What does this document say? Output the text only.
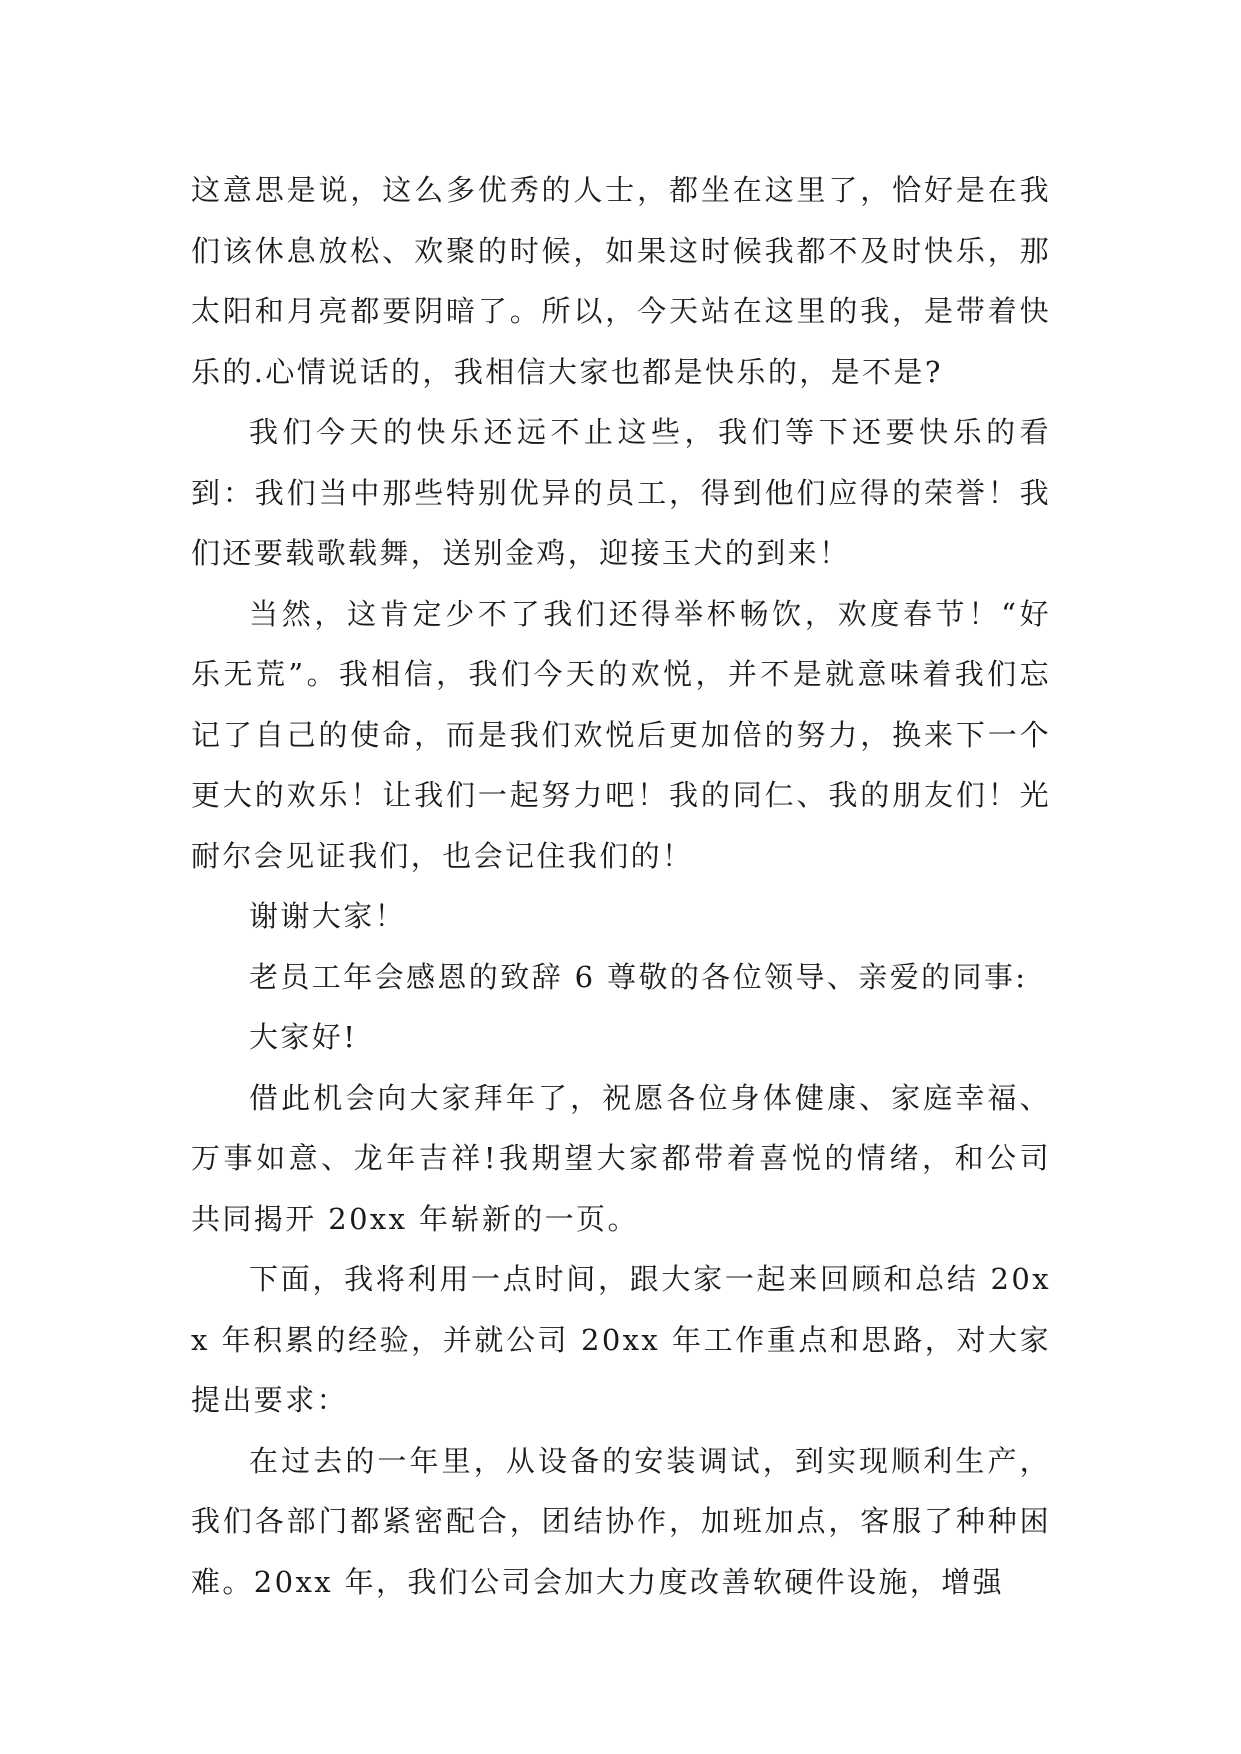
这意思是说，这么多优秀的人士，都坐在这里了，恰好是在我们该休息放松、欢聚的时候，如果这时候我都不及时快乐，那太阳和月亮都要阴暗了。所以，今天站在这里的我，是带着快乐的.心情说话的，我相信大家也都是快乐的，是不是?

我们今天的快乐还远不止这些，我们等下还要快乐的看到：我们当中那些特别优异的员工，得到他们应得的荣誉！我们还要载歌载舞，送别金鸡，迎接玉犬的到来！

当然，这肯定少不了我们还得举杯畅饮，欢度春节！“好乐无荒”。我相信，我们今天的欢悦，并不是就意味着我们忘记了自己的使命，而是我们欢悦后更加倍的努力，换来下一个更大的欢乐！让我们一起努力吧！我的同仁、我的朋友们！光耐尔会见证我们，也会记住我们的！

谢谢大家！

老员工年会感恩的致辞 6 尊敬的各位领导、亲爱的同事:

大家好!

借此机会向大家拜年了，祝愿各位身体健康、家庭幸福、万事如意、龙年吉祥!我期望大家都带着喜悦的情绪，和公司共同揭开 20xx 年崭新的一页。

下面，我将利用一点时间，跟大家一起来回顾和总结 20xx 年积累的经验，并就公司 20xx 年工作重点和思路，对大家提出要求：

在过去的一年里，从设备的安装调试，到实现顺利生产，我们各部门都紧密配合，团结协作，加班加点，客服了种种困难。20xx 年，我们公司会加大力度改善软硬件设施，增强
